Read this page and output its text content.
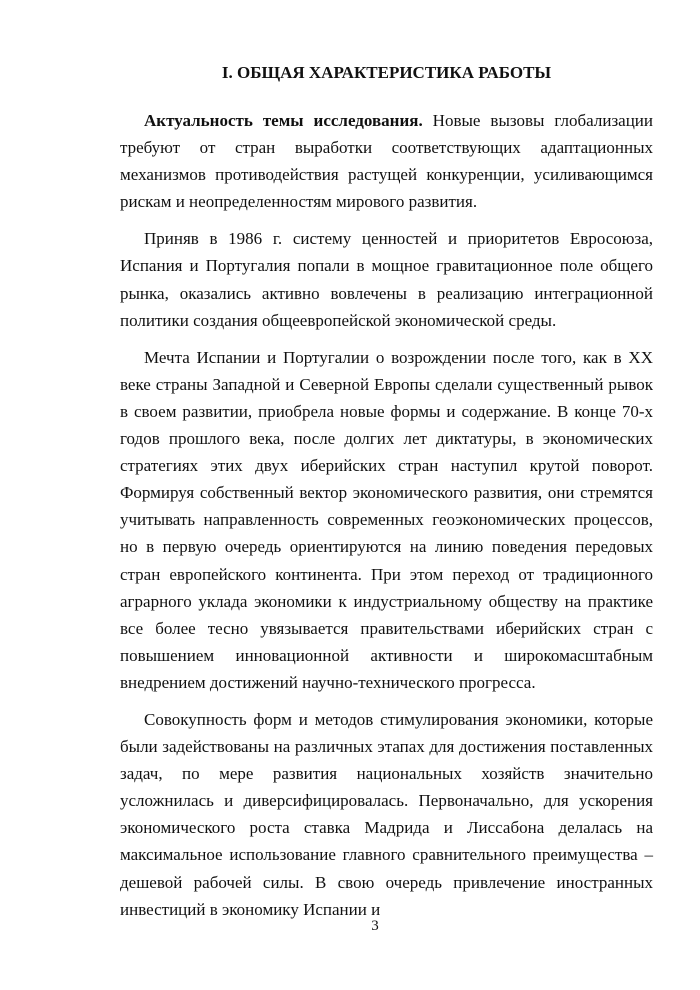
I. ОБЩАЯ ХАРАКТЕРИСТИКА РАБОТЫ

Актуальность темы исследования. Новые вызовы глобализации требуют от стран выработки соответствующих адаптационных механизмов противодействия растущей конкуренции, усиливающимся рискам и неопределенностям мирового развития.

Приняв в 1986 г. систему ценностей и приоритетов Евросоюза, Испания и Португалия попали в мощное гравитационное поле общего рынка, оказались активно вовлечены в реализацию интеграционной политики создания общеевропейской экономической среды.

Мечта Испании и Португалии о возрождении после того, как в XX веке страны Западной и Северной Европы сделали существенный рывок в своем развитии, приобрела новые формы и содержание. В конце 70-х годов прошлого века, после долгих лет диктатуры, в экономических стратегиях этих двух иберийских стран наступил крутой поворот. Формируя собственный вектор экономического развития, они стремятся учитывать направленность современных геоэкономических процессов, но в первую очередь ориентируются на линию поведения передовых стран европейского континента. При этом переход от традиционного аграрного уклада экономики к индустриальному обществу на практике все более тесно увязывается правительствами иберийских стран с повышением инновационной активности и широкомасштабным внедрением достижений научно-технического прогресса.

Совокупность форм и методов стимулирования экономики, которые были задействованы на различных этапах для достижения поставленных задач, по мере развития национальных хозяйств значительно усложнилась и диверсифицировалась. Первоначально, для ускорения экономического роста ставка Мадрида и Лиссабона делалась на максимальное использование главного сравнительного преимущества – дешевой рабочей силы. В свою очередь привлечение иностранных инвестиций в экономику Испании и

3
